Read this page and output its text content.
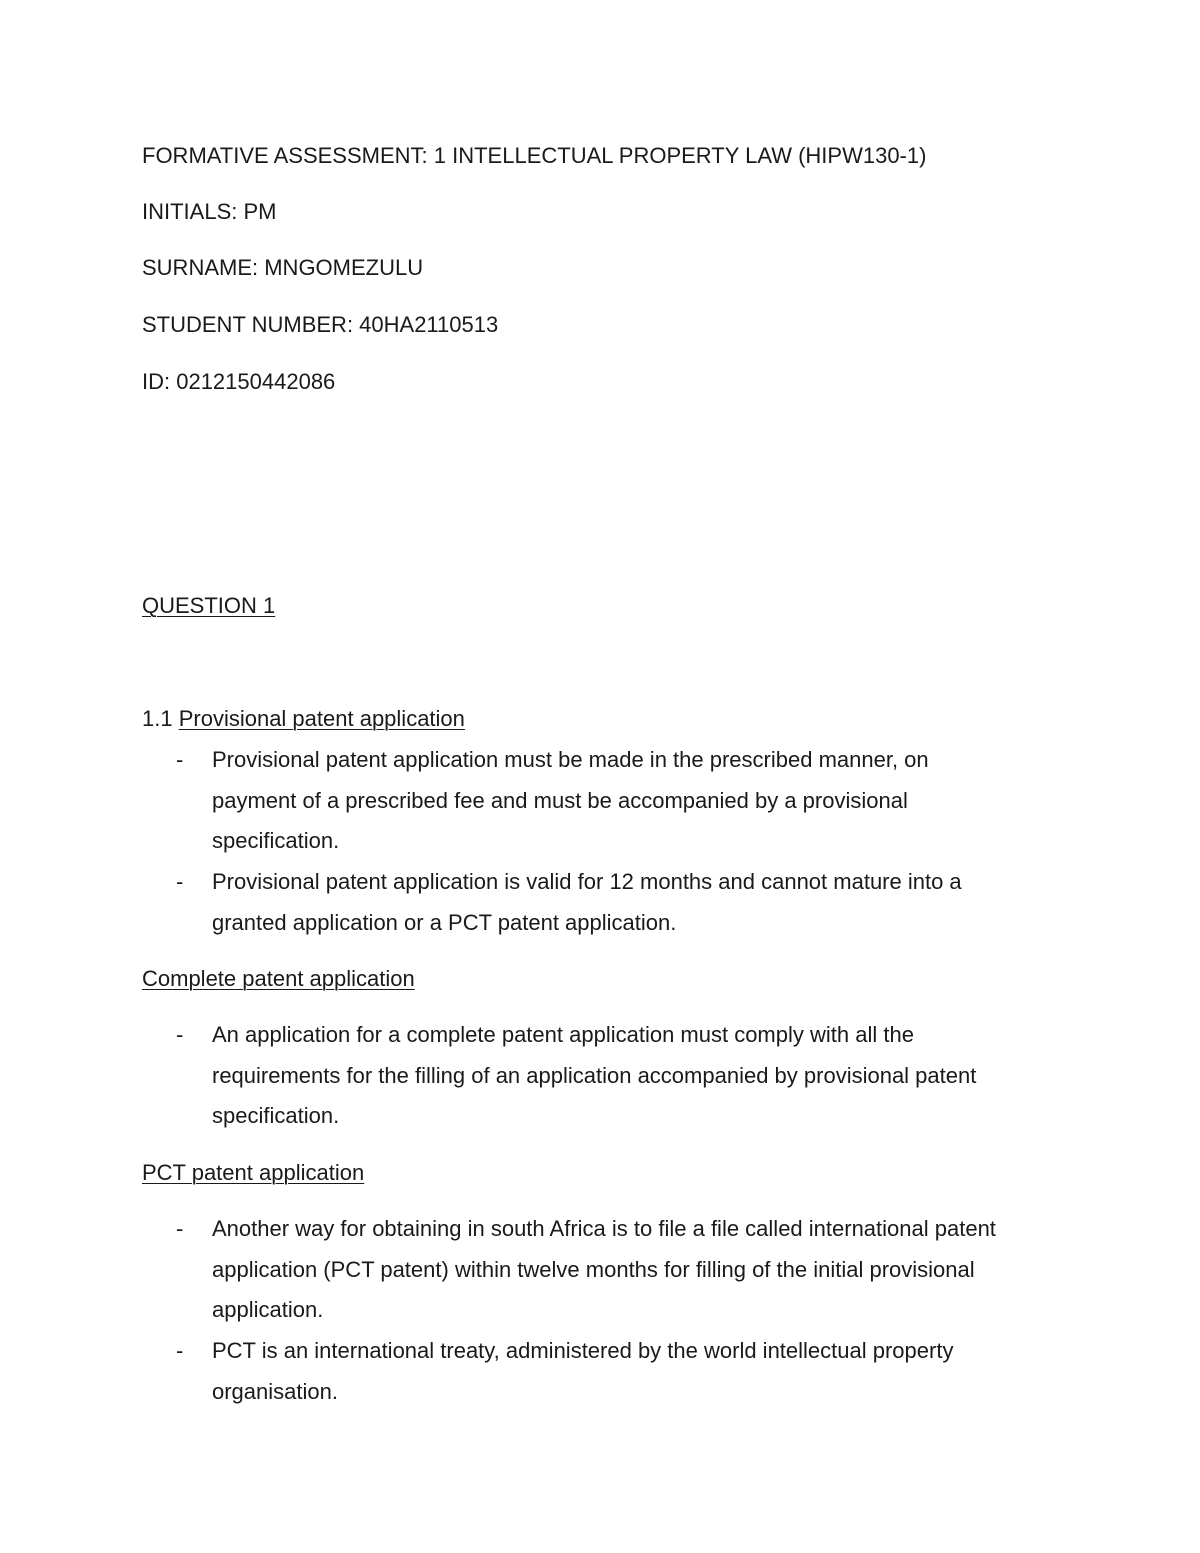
FORMATIVE ASSESSMENT: 1 INTELLECTUAL PROPERTY LAW (HIPW130-1)
INITIALS: PM
SURNAME: MNGOMEZULU
STUDENT NUMBER: 40HA2110513
ID: 0212150442086
QUESTION 1
1.1 Provisional patent application
- Provisional patent application must be made in the prescribed manner, on
payment of a prescribed fee and must be accompanied by a provisional
specification.
- Provisional patent application is valid for 12 months and cannot mature into a
granted application or a PCT patent application.
Complete patent application
- An application for a complete patent application must comply with all the
requirements for the filling of an application accompanied by provisional patent
specification.
PCT patent application
- Another way for obtaining in south Africa is to file a file called international patent
application (PCT patent) within twelve months for filling of the initial provisional
application.
- PCT is an international treaty, administered by the world intellectual property
organisation.
